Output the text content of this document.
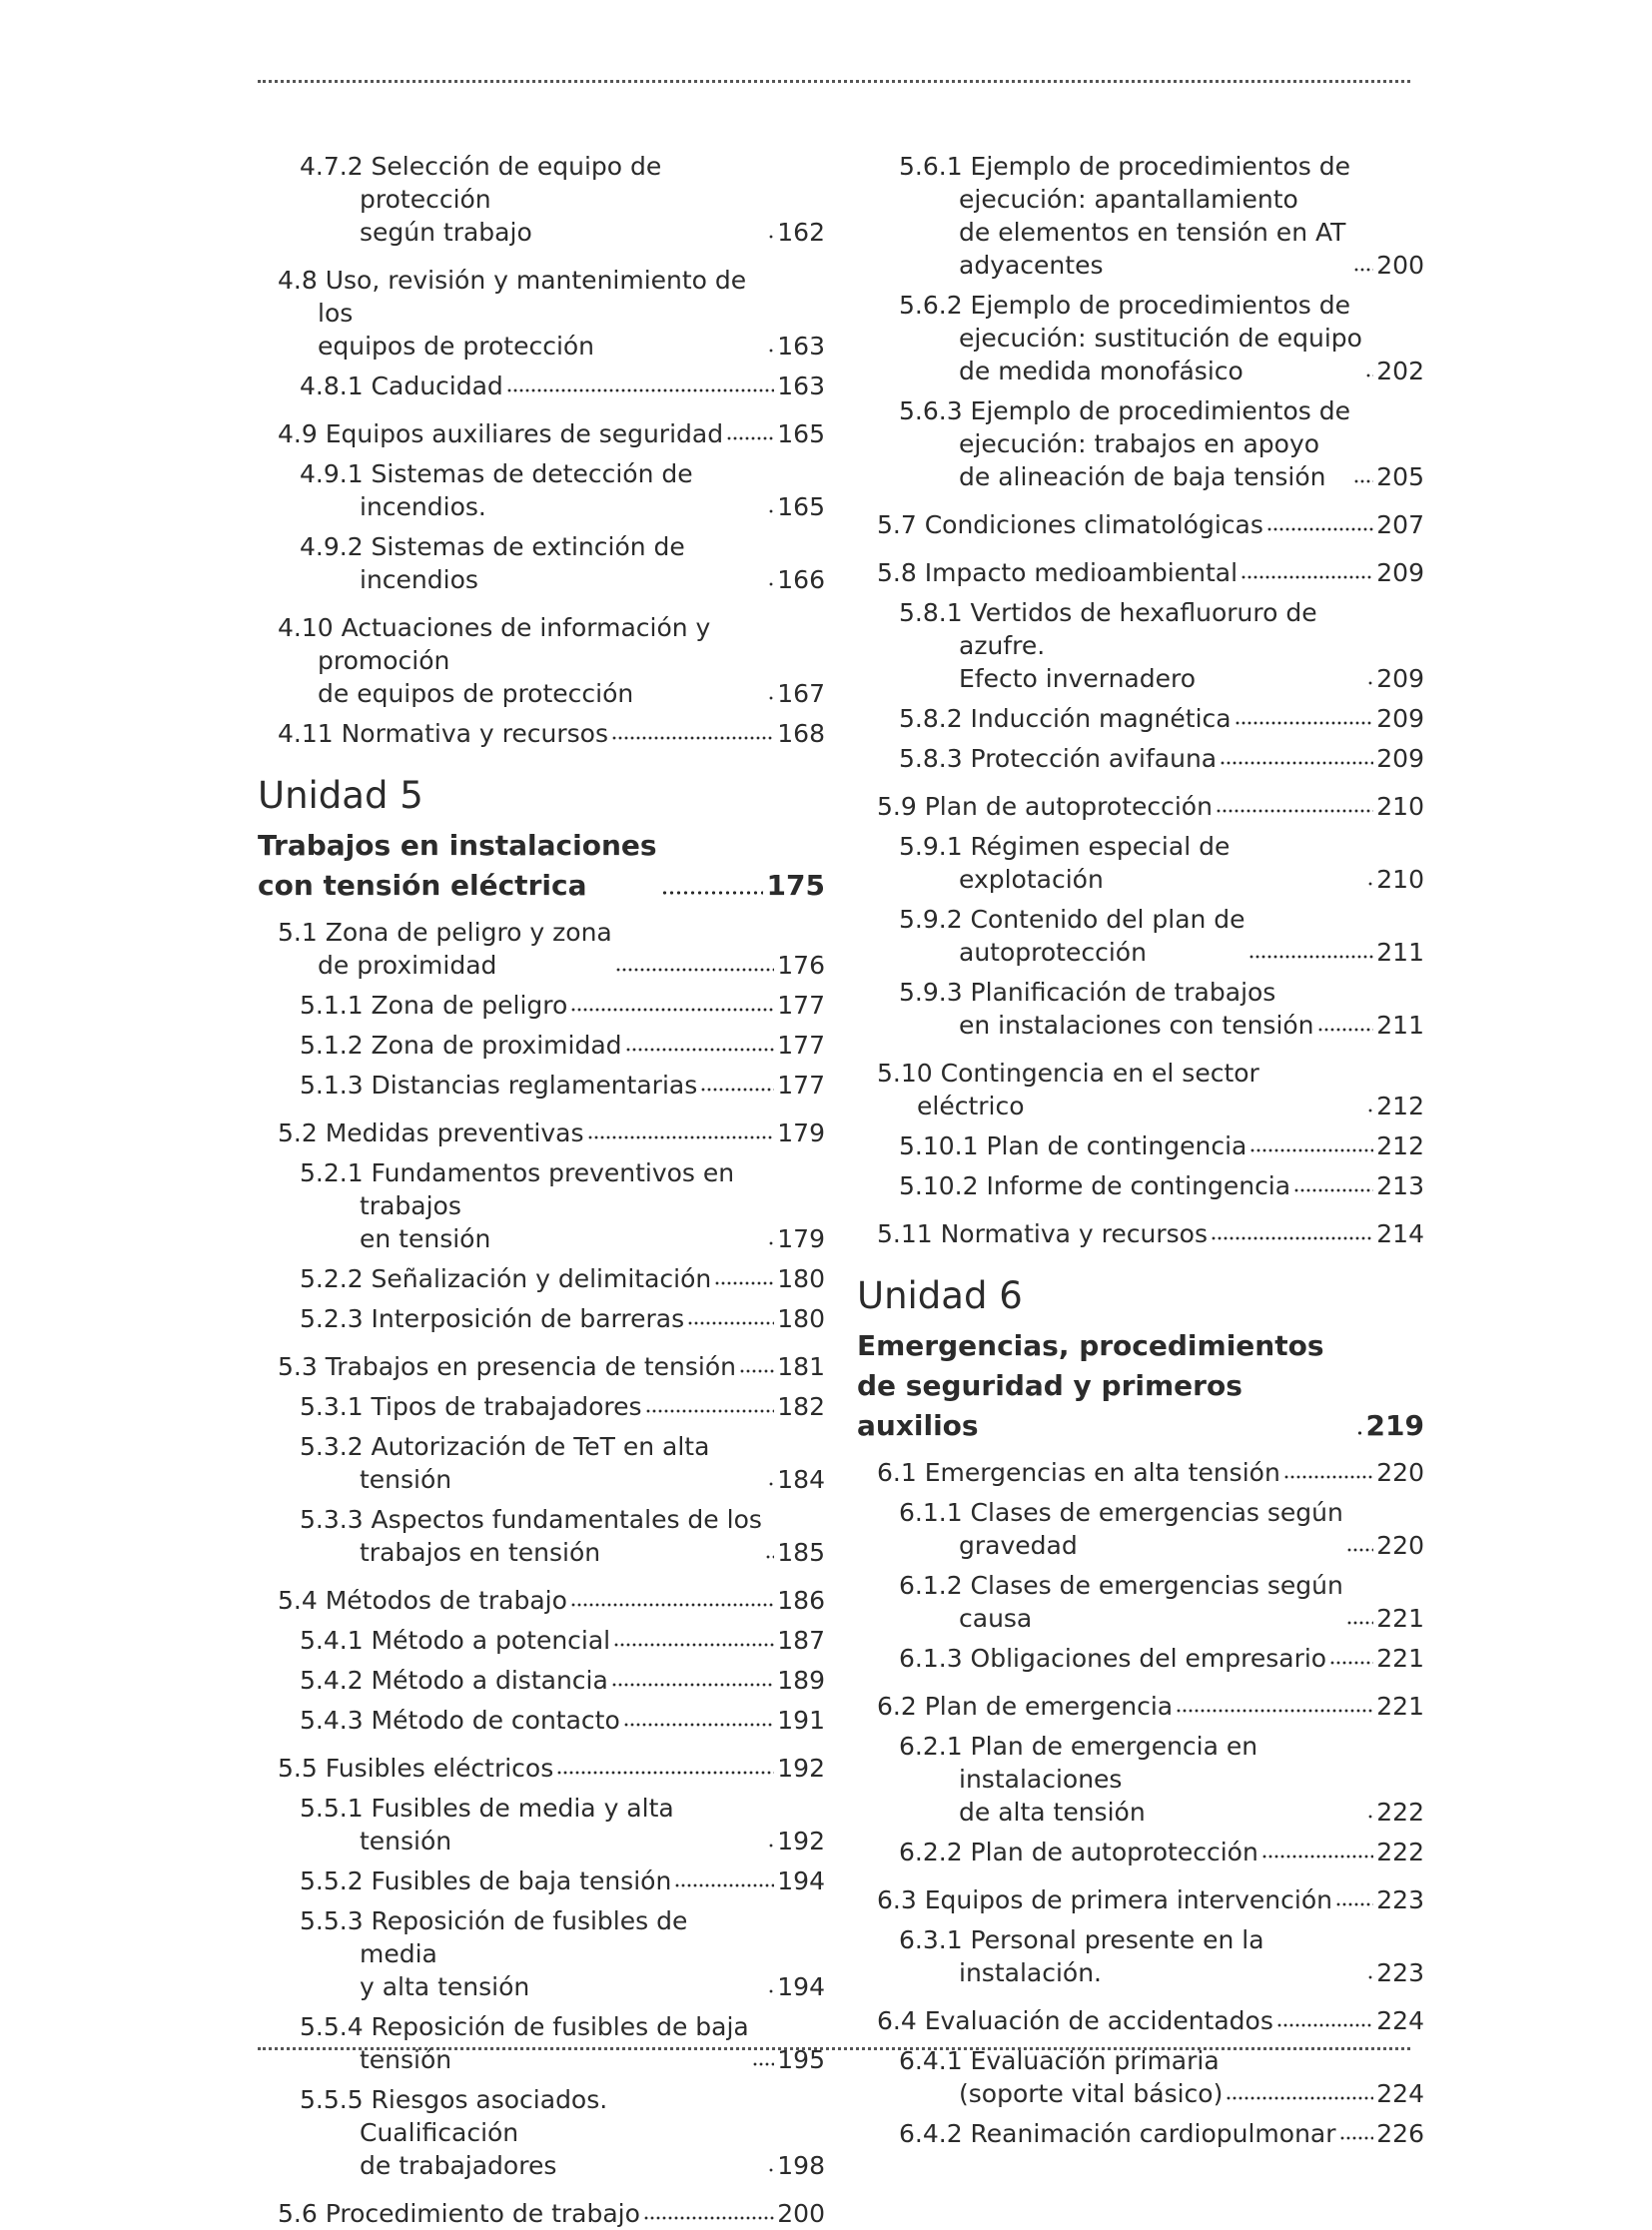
4.7.2 Selección de equipo de protección
según trabajo	162
4.8 Uso, revisión y mantenimiento de los
equipos de protección	163
4.8.1 Caducidad	163
4.9 Equipos auxiliares de seguridad 165
4.9.1 Sistemas de detección de incendios.	165
4.9.2 Sistemas de extinción de incendios	166
4.10 Actuaciones de información y promoción
de equipos de protección	167
4.11 Normativa y recursos	168
Unidad 5
Trabajos en instalaciones
con tensión eléctrica	175
5.1 Zona de peligro y zona
de proximidad	176
5.1.1 Zona de peligro	177
5.1.2 Zona de proximidad	177
5.1.3 Distancias reglamentarias	177
5.2 Medidas preventivas	179
5.2.1 Fundamentos preventivos en trabajos
en tensión	179
5.2.2 Señalización y delimitación	180
5.2.3 Interposición de barreras	180
5.3 Trabajos en presencia de tensión 181
5.3.1 Tipos de trabajadores	182
5.3.2 Autorización de TeT en alta tensión	184
5.3.3 Aspectos fundamentales de los
trabajos en tensión	185
5.4 Métodos de trabajo	186
5.4.1 Método a potencial	187
5.4.2 Método a distancia	189
5.4.3 Método de contacto	191
5.5 Fusibles eléctricos	192
5.5.1 Fusibles de media y alta tensión	192
5.5.2 Fusibles de baja tensión	194
5.5.3 Reposición de fusibles de media
y alta tensión	194
5.5.4 Reposición de fusibles de baja
tensión	195
5.5.5 Riesgos asociados. Cualificación
de trabajadores	198
5.6 Procedimiento de trabajo	200
5.6.1 Ejemplo de procedimientos de
ejecución: apantallamiento
de elementos en tensión en AT
adyacentes	200
5.6.2 Ejemplo de procedimientos de
ejecución: sustitución de equipo
de medida monofásico	202
5.6.3 Ejemplo de procedimientos de
ejecución: trabajos en apoyo
de alineación de baja tensión	205
5.7 Condiciones climatológicas	207
5.8 Impacto medioambiental	209
5.8.1 Vertidos de hexafluoruro de azufre.
Efecto invernadero	209
5.8.2 Inducción magnética	209
5.8.3 Protección avifauna	209
5.9 Plan de autoprotección	210
5.9.1 Régimen especial de explotación	210
5.9.2 Contenido del plan de
autoprotección	211
5.9.3 Planificación de trabajos
en instalaciones con tensión	211
5.10 Contingencia en el sector eléctrico	212
5.10.1 Plan de contingencia	212
5.10.2 Informe de contingencia	213
5.11 Normativa y recursos	214
Unidad 6
Emergencias, procedimientos
de seguridad y primeros auxilios	219
6.1 Emergencias en alta tensión	220
6.1.1 Clases de emergencias según
gravedad	220
6.1.2 Clases de emergencias según
causa	221
6.1.3 Obligaciones del empresario 221
6.2 Plan de emergencia	221
6.2.1 Plan de emergencia en instalaciones
de alta tensión	222
6.2.2 Plan de autoprotección	222
6.3 Equipos de primera intervención 223
6.3.1 Personal presente en la instalación.	223
6.4 Evaluación de accidentados	224
6.4.1 Evaluación primaria
(soporte vital básico)	224
6.4.2 Reanimación cardiopulmonar 226
